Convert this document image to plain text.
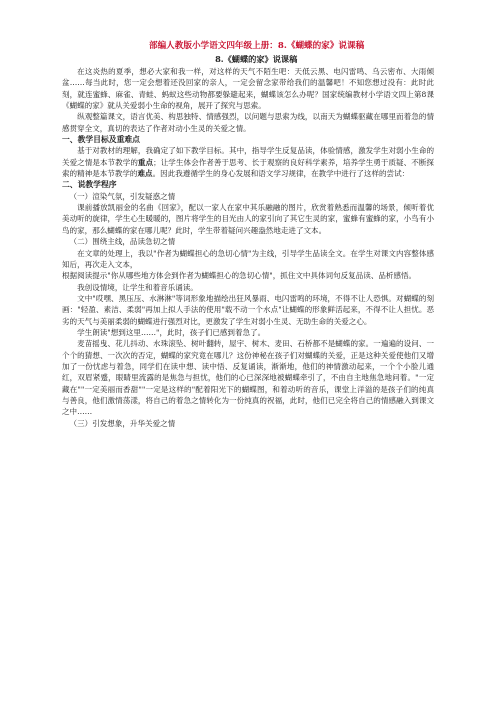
部编人教版小学语文四年级上册：8.《蝴蝶的家》说课稿

8.《蝴蝶的家》说课稿

在这炎热的夏季，想必大家和我一样，对这样的天气不陌生吧：天低云黑、电闪雷鸣、乌云密布、大雨倾盆……每当此时，您一定会想着还没回家的亲人，一定会留念家带给我们的温馨吧！不知您想过没有：此时此刻，就连蜜蜂、麻雀、青蛙、蚂蚁这些动物都要躲避起来，蝴蝶该怎么办呢？国家统编教材小学语文四上第8课《蝴蝶的家》就从关爱弱小生命的视角，展开了探究与思索。

纵观整篇课文，语言优美、构思独特、情感强烈，以问题与思索为线，以南天为蝴蝶驱藏在哪里而着急的情感贯穿全文，真切的表达了作者对动小生灵的关爱之情。

一、教学目标及重难点

基于对教材的理解，我确定了如下教学目标。其中，指导学生反复品读，体验情感，激发学生对弱小生命的关爱之情是本节教学的重点；让学生体会作者善于思考、长于观察的良好科学素养，培养学生勇于质疑、不断探索的精神是本节教学的难点。因此我遵循学生的身心发展和语文学习规律，在教学中进行了这样的尝试：

二、说教学程序

（一）渲染气氛，引发疑惑之情

课前播放凯丽金的名曲《回家》，配以一家人在家中其乐融融的图片，欣赏着熟悉而温馨的场景，倾听着优美动听的旋律，学生心生暖暖的，图片将学生的目光由人的家引向了其它生灵的家，蜜蜂有蜜蜂的家，小鸟有小鸟的家，那么蝴蝶的家在哪儿呢？此时，学生带着疑问兴趣盎然地走进了文本。

（二）围绕主线，品读急切之情

在文章的处理上，我以"作者为蝴蝶担心的急切心情"为主线，引导学生品读全文。在学生对课文内容整体感知后，再次走入文本，

根据阅读提示"你从哪些地方体会到作者为蝴蝶担心的急切心情"，抓住文中具体词句反复品读、品析感悟。

我创设情境，让学生和着音乐诵读。

文中"哎嘿、黑压压、水淋淋"等词形象地描绘出狂风暴雨、电闪雷鸣的环境，不得不让人恐惧。对蝴蝶的刻画："轻盈、素洁、柔弱"再加上拟人手法的使用"载不动一个水点"让蝴蝶的形象鲜活起来，不得不让人担忧。恶劣的天气与美丽柔弱的蝴蝶进行强烈对比，更激发了学生对弱小生灵、无助生命的关爱之心。

学生朗读"想到这里……"，此时，孩子们已感到着急了。

麦苗摇曳、花儿抖动、水珠滚坠、树叶翻转，屋宇、树木、麦田、石桥都不是蝴蝶的家。一遍遍的设问、一个个的猜想、一次次的否定，蝴蝶的家究竟在哪儿？这份神秘在孩子们对蝴蝶的关爱，正是这种关爱使他们又增加了一份忧虑与着急，同学们在读中想、读中悟、反复诵读，渐渐地，他们的神情激动起来，一个个小脸儿通红，双眉紧蹙，眼睛里流露的是焦急与担忧，他们的心已深深地被蝴蝶牵引了，不由自主地焦急地问着。"一定藏在""一定美丽而香甜""一定是这样的"配着阳光下的蝴蝶图，和着动听的音乐，课堂上洋溢的是孩子们的纯真与善良，他们激情荡漾，将自己的着急之情转化为一份纯真的祝福，此时，他们已完全将自己的情感融入到课文之中……

（三）引发想象，升华关爱之情
